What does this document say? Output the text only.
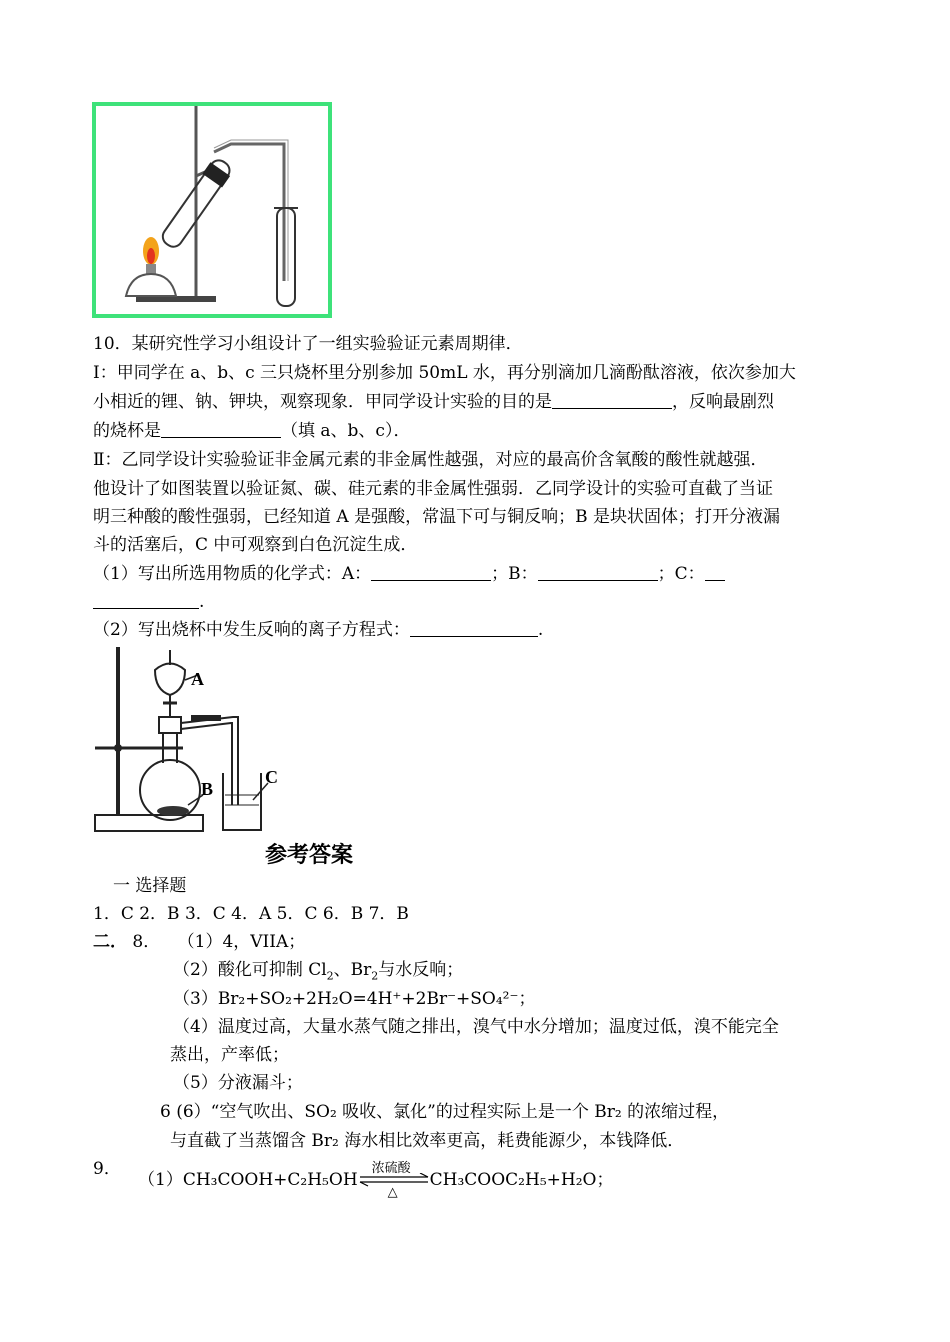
10．某研究性学习小组设计了一组实验验证元素周期律．
Ⅰ：甲同学在 a、b、c 三只烧杯里分别参加 50mL 水，再分别滴加几滴酚酞溶液，依次参加大
小相近的锂、钠、钾块，观察现象．甲同学设计实验的目的是	，反响最剧烈
的烧杯是	（填 a、b、c）．
Ⅱ：乙同学设计实验验证非金属元素的非金属性越强，对应的最高价含氧酸的酸性就越强．
他设计了如图装置以验证氮、碳、硅元素的非金属性强弱．乙同学设计的实验可直截了当证
明三种酸的酸性强弱，已经知道 A 是强酸，常温下可与铜反响；B 是块状固体；打开分液漏
斗的活塞后，C 中可观察到白色沉淀生成．
（1）写出所选用物质的化学式：A：	；B：	；C：
.
（2）写出烧杯中发生反响的离子方程式：	.
A
B
C
参考答案
一 选择题
1．C 2．B 3．C 4．A 5．C 6．B 7．B
二． 8． （1）4，VIIA；
（2）酸化可抑制 $Cl_2$、$Br_2$与水反响；
（3）Br₂+SO₂+2H₂O=4H⁺+2Br⁻+SO₄²⁻；
（4）温度过高，大量水蒸气随之排出，溴气中水分增加；温度过低，溴不能完全
蒸出，产率低；
（5）分液漏斗；
6 (6）“空气吹出、SO₂ 吸收、氯化”的过程实际上是一个 Br₂ 的浓缩过程，
与直截了当蒸馏含 Br₂ 海水相比效率更高，耗费能源少，本钱降低．
9．
（1）CH₃COOH+C₂H₅OH
浓硫酸
△
CH₃COOC₂H₅+H₂O；
